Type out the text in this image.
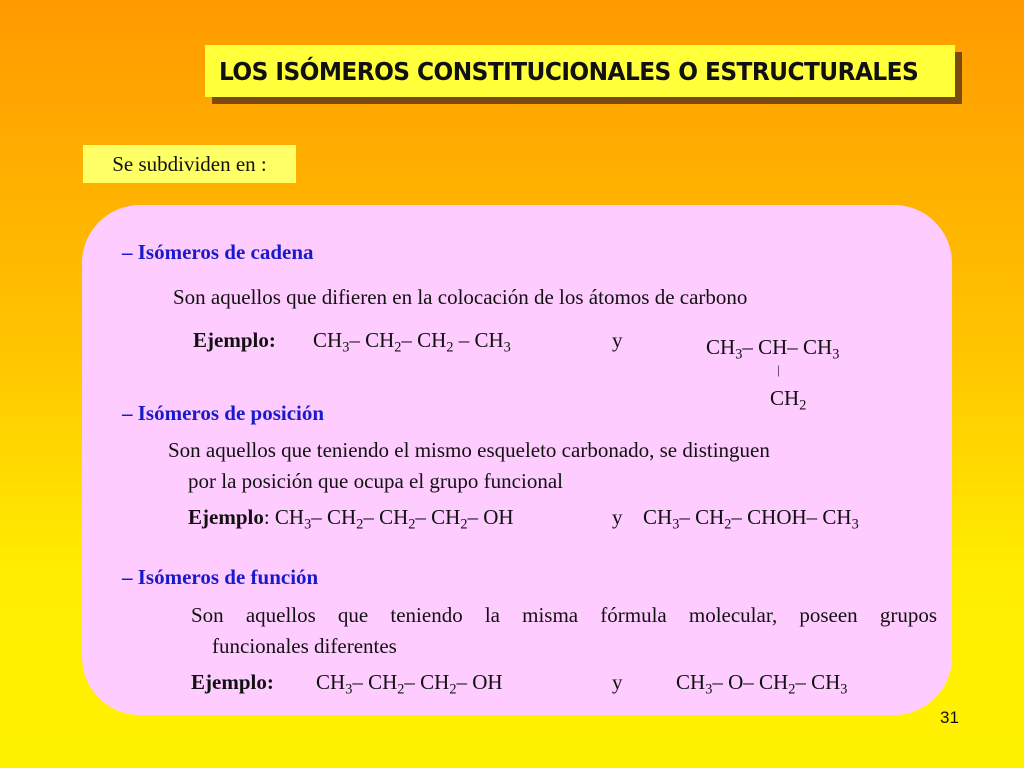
LOS ISÓMEROS CONSTITUCIONALES O ESTRUCTURALES
Se subdividen en :
– Isómeros de cadena
Son aquellos que difieren en la colocación de los átomos de carbono
Ejemplo: $CH_3-$ $CH_2-$ $CH_2 - CH_3$	y	$CH_3-$ CH– $CH_3$
|
$CH_2$
– Isómeros de posición
Son aquellos que teniendo el mismo esqueleto carbonado, se distinguen
por la posición que ocupa el grupo funcional
Ejemplo: $CH_3-$ $CH_2-$ $CH_2-$ $CH_2-$ OH	y $CH_3-$ $CH_2-$ CHOH– $CH_3$
– Isómeros de función
Son aquellos que teniendo la misma fórmula molecular, poseen grupos
funcionales diferentes
Ejemplo: $CH_3-$ $CH_2-$ $CH_2-$ OH	y	$CH_3-$ O– $CH_2-$ $CH_3$
31
